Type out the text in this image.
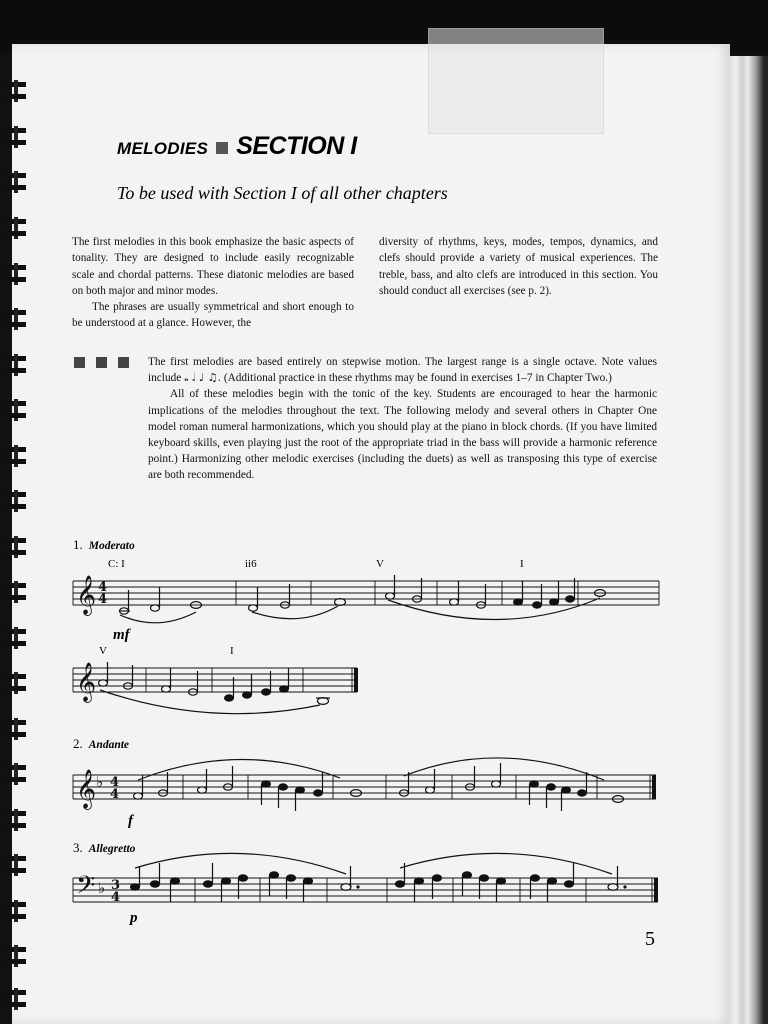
MELODIES SECTION I
To be used with Section I of all other chapters

The first melodies in this book emphasize the basic aspects of tonality. They are designed to include easily recognizable scale and chordal patterns. These diatonic melodies are based on both major and minor modes.

The phrases are usually symmetrical and short enough to be understood at a glance. However, the

diversity of rhythms, keys, modes, tempos, dynamics, and clefs should provide a variety of musical experiences. The treble, bass, and alto clefs are introduced in this section. You should conduct all exercises (see p. 2).

The first melodies are based entirely on stepwise motion. The largest range is a single octave. Note values include 𝅝 𝅗𝅥 ♩ ♫. (Additional practice in these rhythms may be found in exercises 1–7 in Chapter Two.)

All of these melodies begin with the tonic of the key. Students are encouraged to hear the harmonic implications of the melodies throughout the text. The following melody and several others in Chapter One model roman numeral harmonizations, which you should play at the piano in block chords. (If you have limited keyboard skills, even playing just the root of the appropriate triad in the bass will provide a harmonic reference point.) Harmonizing other melodic exercises (including the duets) as well as transposing this type of exercise are both recommended.

1. Moderato
C: I	ii6	V	I
mf
V	I
2. Andante
f
3. Allegretto
p
5
𝄞 4
4
𝄞
𝄞 ♭ 4
4
𝄢 ♭ 3
4
